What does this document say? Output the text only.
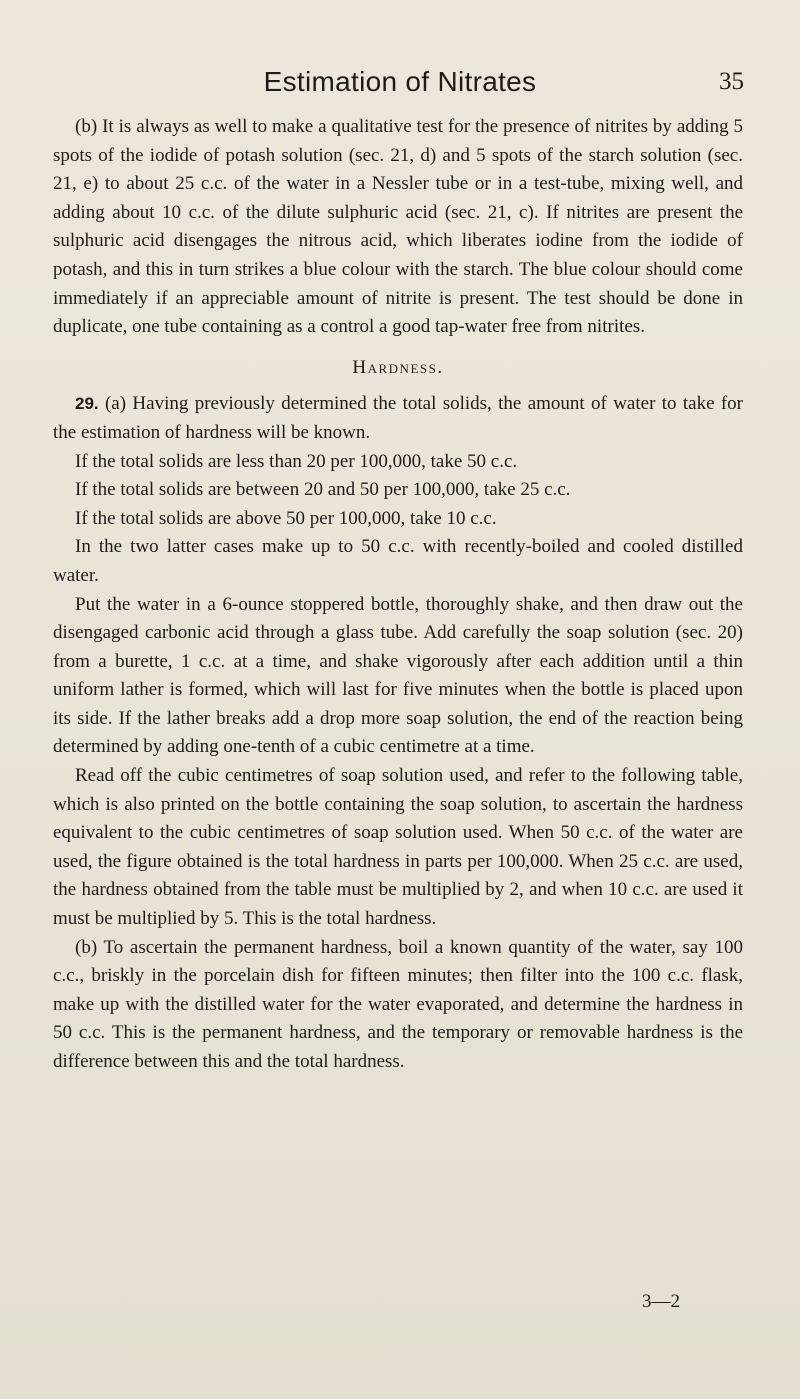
Estimation of Nitrates	35

(b) It is always as well to make a qualitative test for the presence of nitrites by adding 5 spots of the iodide of potash solution (sec. 21, d) and 5 spots of the starch solution (sec. 21, e) to about 25 c.c. of the water in a Nessler tube or in a test-tube, mixing well, and adding about 10 c.c. of the dilute sulphuric acid (sec. 21, c). If nitrites are present the sulphuric acid disengages the nitrous acid, which liberates iodine from the iodide of potash, and this in turn strikes a blue colour with the starch. The blue colour should come immediately if an appreciable amount of nitrite is present. The test should be done in duplicate, one tube containing as a control a good tap-water free from nitrites.

Hardness.

29. (a) Having previously determined the total solids, the amount of water to take for the estimation of hardness will be known.

If the total solids are less than 20 per 100,000, take 50 c.c.

If the total solids are between 20 and 50 per 100,000, take 25 c.c.

If the total solids are above 50 per 100,000, take 10 c.c.

In the two latter cases make up to 50 c.c. with recently-boiled and cooled distilled water.

Put the water in a 6-ounce stoppered bottle, thoroughly shake, and then draw out the disengaged carbonic acid through a glass tube. Add carefully the soap solution (sec. 20) from a burette, 1 c.c. at a time, and shake vigorously after each addition until a thin uniform lather is formed, which will last for five minutes when the bottle is placed upon its side. If the lather breaks add a drop more soap solution, the end of the reaction being determined by adding one-tenth of a cubic centimetre at a time.

Read off the cubic centimetres of soap solution used, and refer to the following table, which is also printed on the bottle containing the soap solution, to ascertain the hardness equivalent to the cubic centimetres of soap solution used. When 50 c.c. of the water are used, the figure obtained is the total hardness in parts per 100,000. When 25 c.c. are used, the hardness obtained from the table must be multiplied by 2, and when 10 c.c. are used it must be multiplied by 5. This is the total hardness.

(b) To ascertain the permanent hardness, boil a known quantity of the water, say 100 c.c., briskly in the porcelain dish for fifteen minutes; then filter into the 100 c.c. flask, make up with the distilled water for the water evaporated, and determine the hardness in 50 c.c. This is the permanent hardness, and the temporary or removable hardness is the difference between this and the total hardness.

3—2
